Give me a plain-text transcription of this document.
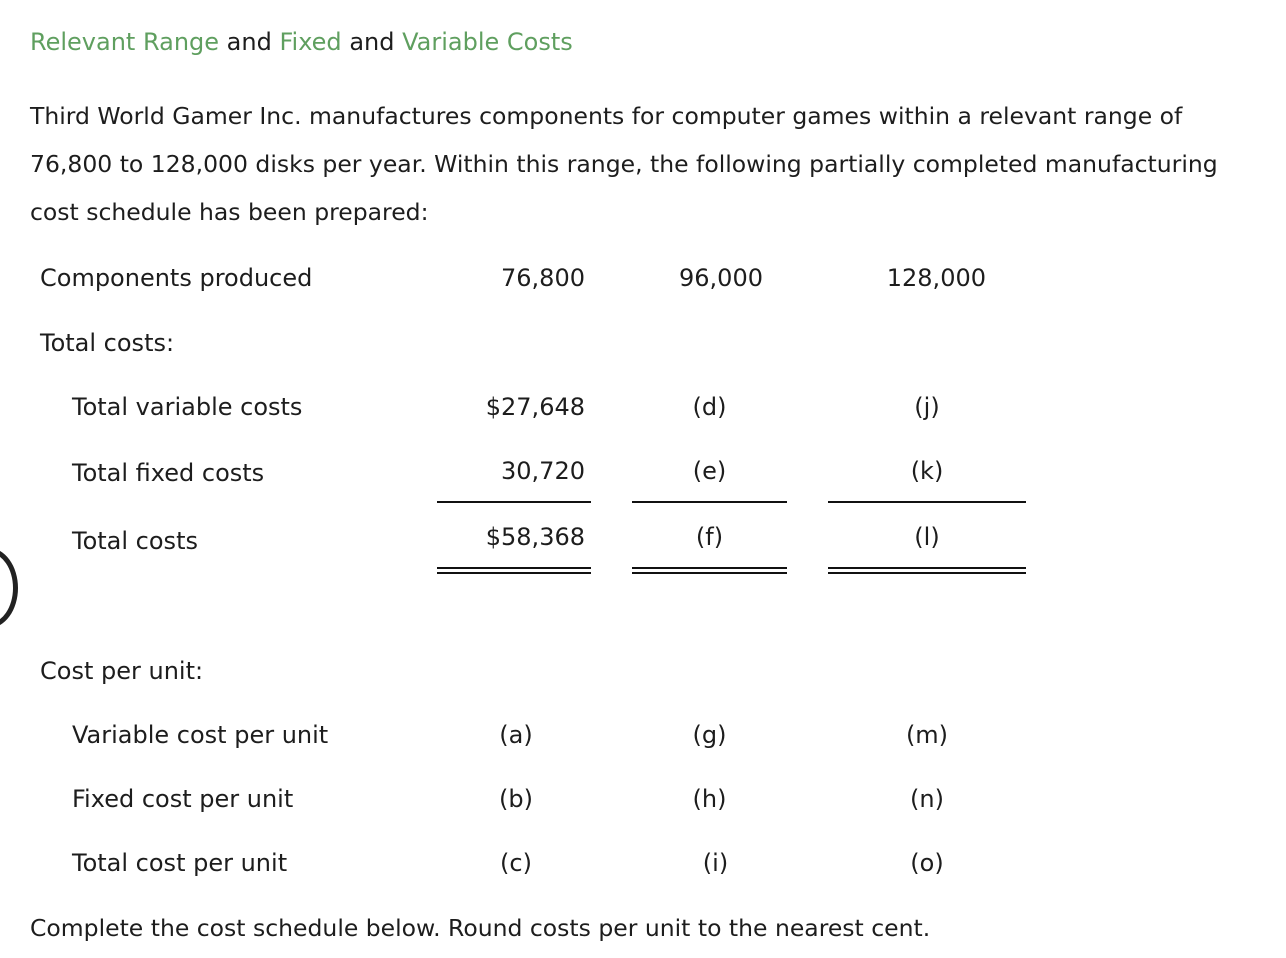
Relevant Range and Fixed and Variable Costs
Third World Gamer Inc. manufactures components for computer games within a relevant range of 76,800 to 128,000 disks per year. Within this range, the following partially completed manufacturing cost schedule has been prepared:
Components produced	76,800	96,000	128,000
Total costs:
Total variable costs	$27,648	(d)	(j)
Total fixed costs	30,720	(e)	(k)
Total costs	$58,368	(f)	(l)
Cost per unit:
Variable cost per unit	(a)	(g)	(m)
Fixed cost per unit	(b)	(h)	(n)
Total cost per unit	(c)	(i)	(o)
Complete the cost schedule below. Round costs per unit to the nearest cent.
